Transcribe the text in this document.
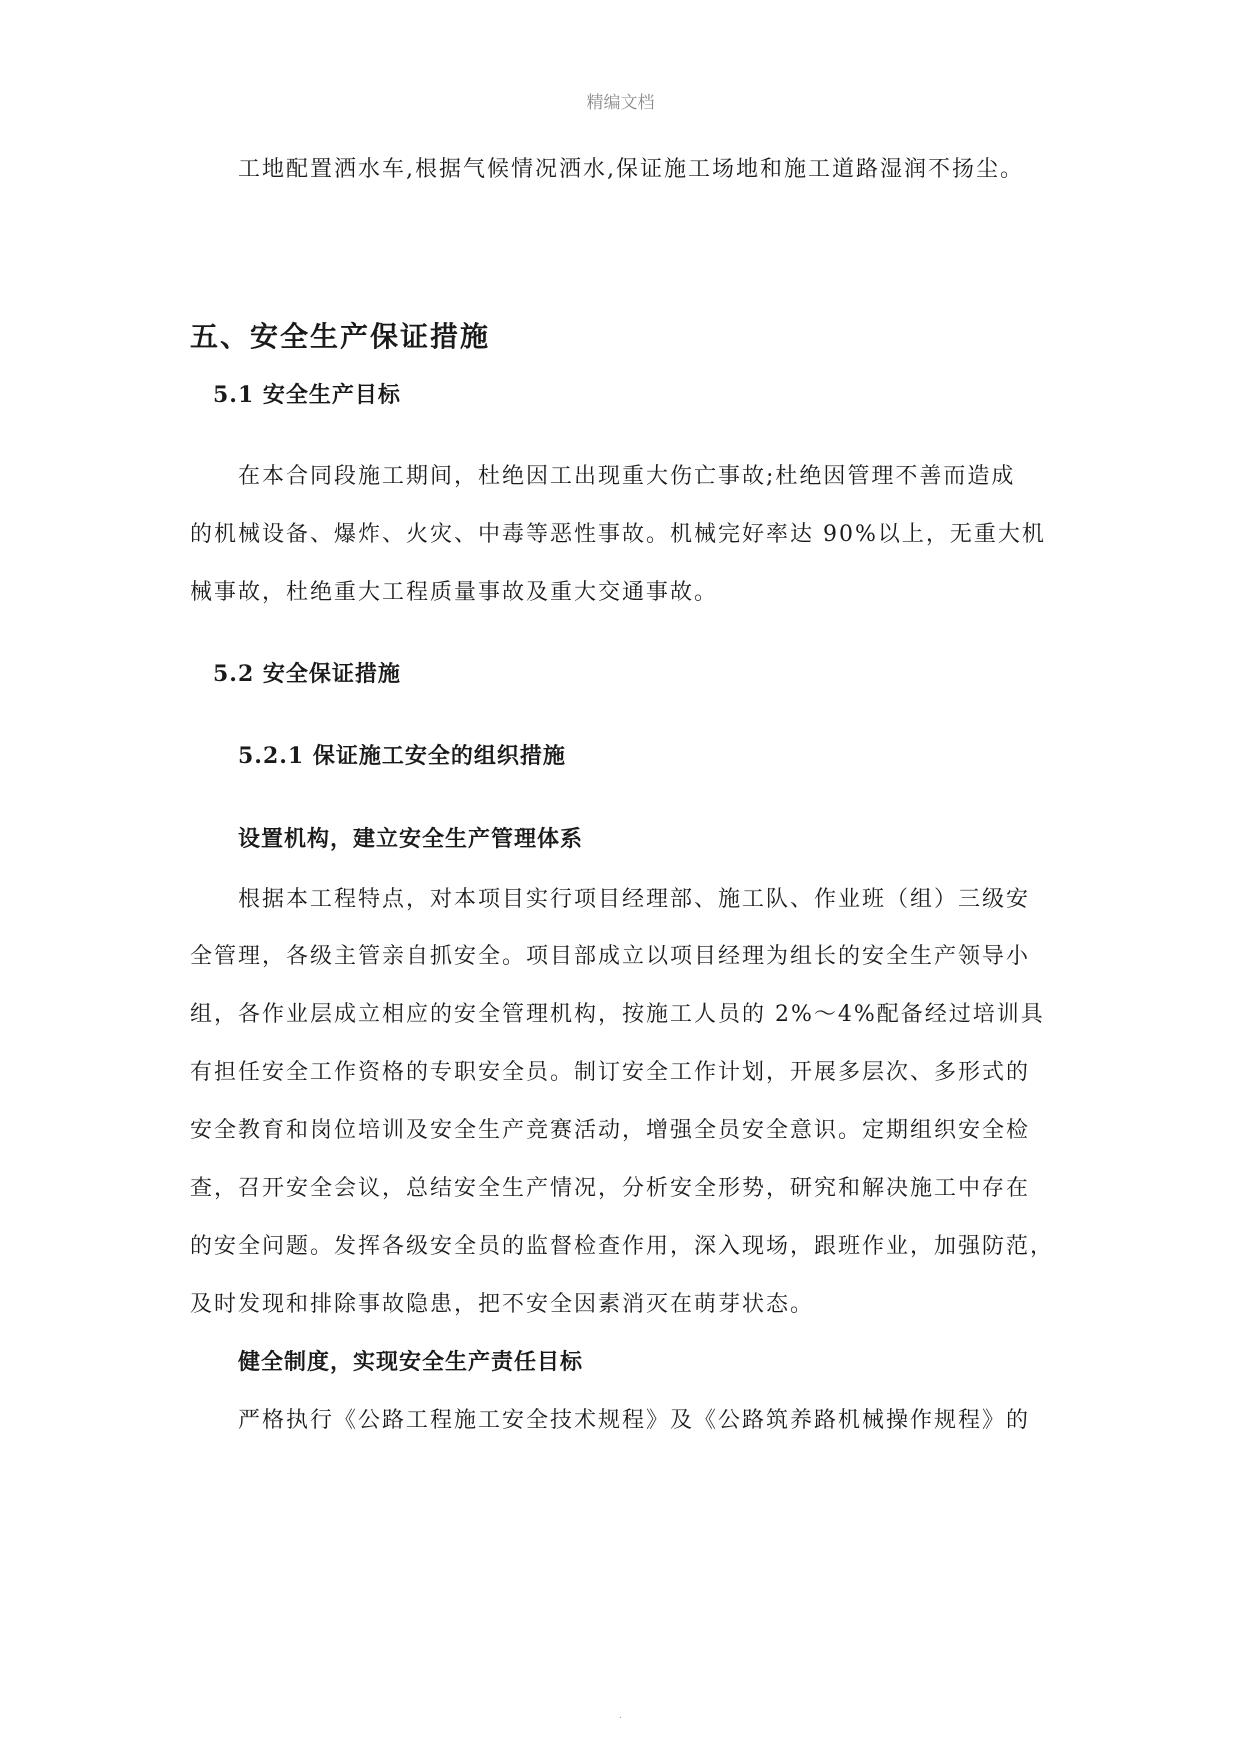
精编文档
工地配置洒水车,根据气候情况洒水,保证施工场地和施工道路湿润不扬尘。
五、安全生产保证措施
5.1 安全生产目标
在本合同段施工期间，杜绝因工出现重大伤亡事故;杜绝因管理不善而造成
的机械设备、爆炸、火灾、中毒等恶性事故。机械完好率达 90%以上，无重大机
械事故，杜绝重大工程质量事故及重大交通事故。
5.2 安全保证措施
5.2.1 保证施工安全的组织措施
设置机构，建立安全生产管理体系
根据本工程特点，对本项目实行项目经理部、施工队、作业班（组）三级安
全管理，各级主管亲自抓安全。项目部成立以项目经理为组长的安全生产领导小
组，各作业层成立相应的安全管理机构，按施工人员的 2%～4%配备经过培训具
有担任安全工作资格的专职安全员。制订安全工作计划，开展多层次、多形式的
安全教育和岗位培训及安全生产竞赛活动，增强全员安全意识。定期组织安全检
查，召开安全会议，总结安全生产情况，分析安全形势，研究和解决施工中存在
的安全问题。发挥各级安全员的监督检查作用，深入现场，跟班作业，加强防范，
及时发现和排除事故隐患，把不安全因素消灭在萌芽状态。
健全制度，实现安全生产责任目标
严格执行《公路工程施工安全技术规程》及《公路筑养路机械操作规程》的
.
